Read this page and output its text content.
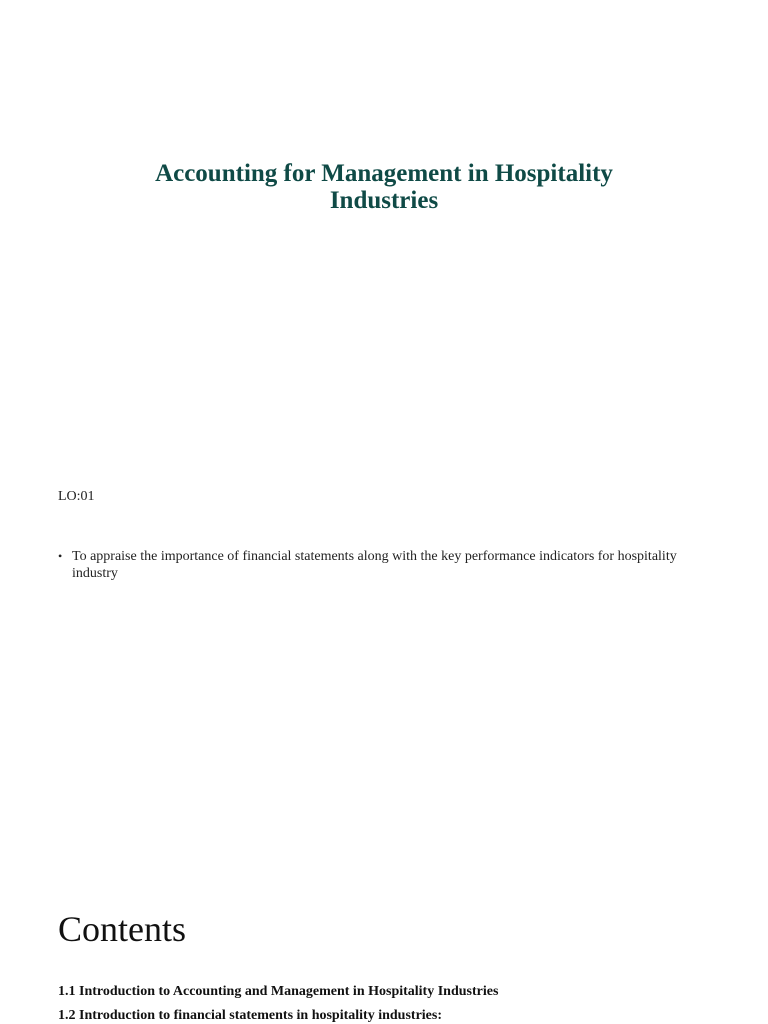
Accounting for Management in Hospitality
Industries
LO:01
• To appraise the importance of financial statements along with the key performance indicators for hospitality industry
Contents
1.1 Introduction to Accounting and Management in Hospitality Industries
1.2 Introduction to financial statements in hospitality industries:
